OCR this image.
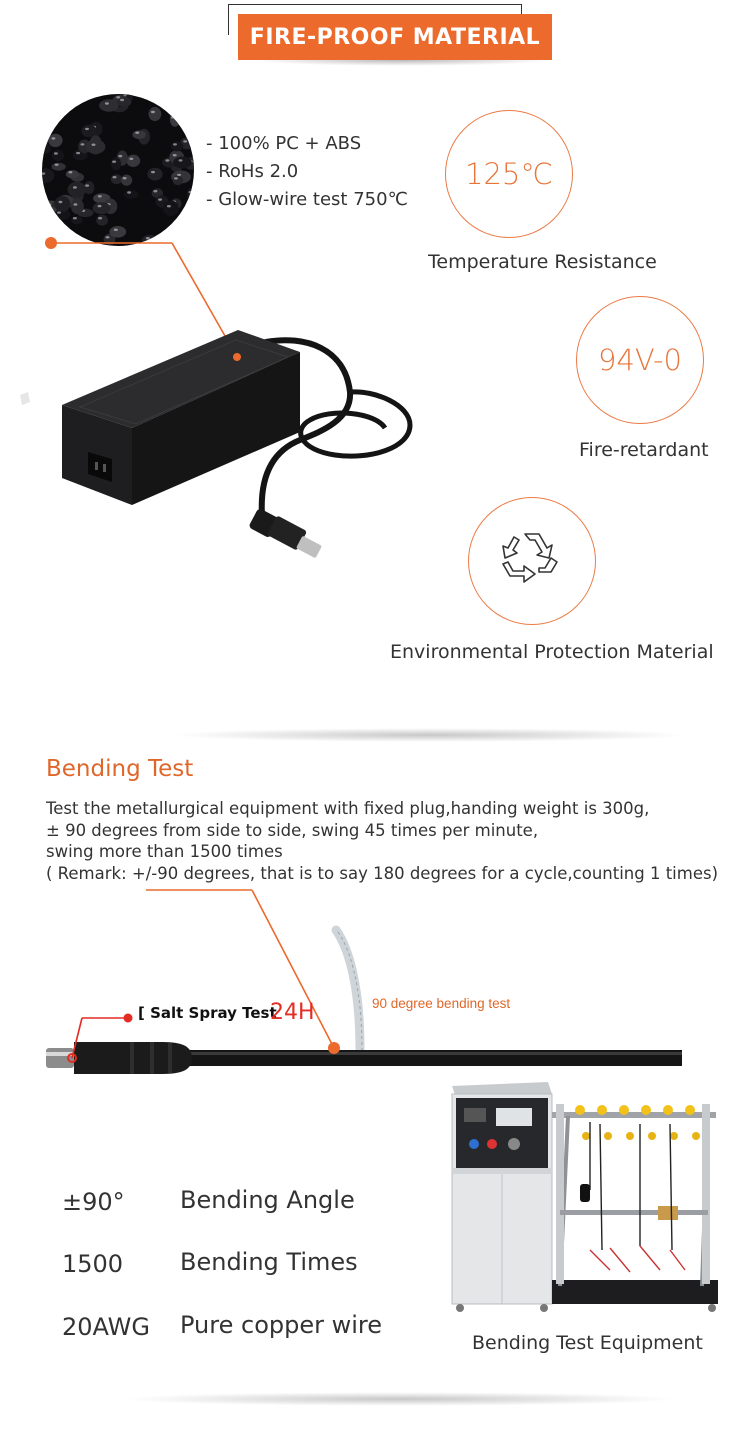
FIRE-PROOF MATERIAL
- 100% PC + ABS
- RoHs 2.0
- Glow-wire test 750℃
125℃
Temperature Resistance
94V-0
Fire-retardant
Environmental Protection Material
Bending Test
Test the metallurgical equipment with fixed plug,handing weight is 300g,
± 90 degrees from side to side, swing 45 times per minute,
swing more than 1500 times
( Remark: +/-90 degrees, that is to say 180 degrees for a cycle,counting 1 times)
[ Salt Spray Test
24H	90 degree bending test
±90° Bending Angle
1500 Bending Times
20AWG Pure copper wire
Bending Test Equipment
